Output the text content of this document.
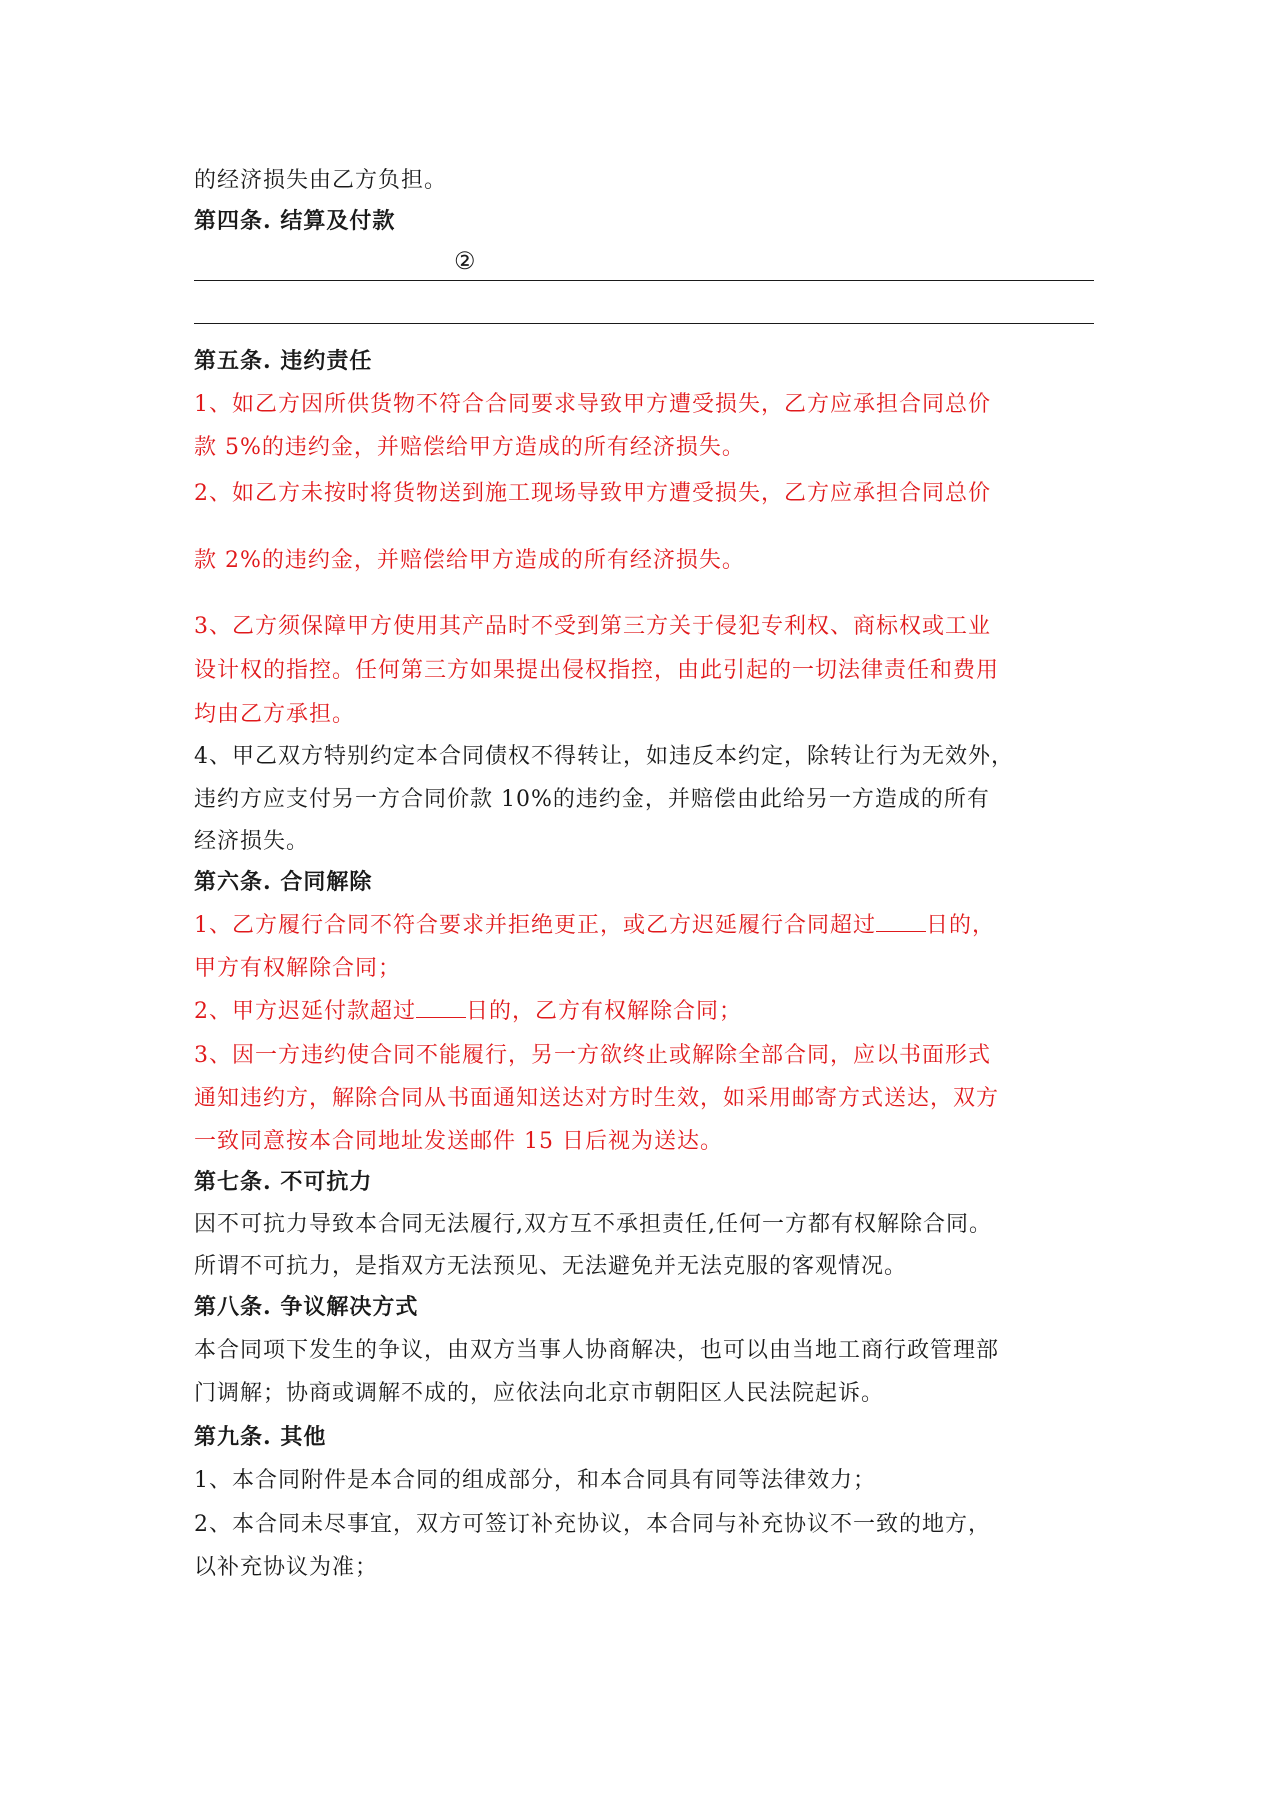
的经济损失由乙方负担。
第四条. 结算及付款
②
第五条. 违约责任
1、如乙方因所供货物不符合合同要求导致甲方遭受损失，乙方应承担合同总价
款 5%的违约金，并赔偿给甲方造成的所有经济损失。
2、如乙方未按时将货物送到施工现场导致甲方遭受损失，乙方应承担合同总价
款 2%的违约金，并赔偿给甲方造成的所有经济损失。
3、乙方须保障甲方使用其产品时不受到第三方关于侵犯专利权、商标权或工业
设计权的指控。任何第三方如果提出侵权指控，由此引起的一切法律责任和费用
均由乙方承担。
4、甲乙双方特别约定本合同债权不得转让，如违反本约定，除转让行为无效外，
违约方应支付另一方合同价款 10%的违约金，并赔偿由此给另一方造成的所有
经济损失。
第六条. 合同解除
1、乙方履行合同不符合要求并拒绝更正，或乙方迟延履行合同超过 日的，
甲方有权解除合同；
2、甲方迟延付款超过 日的，乙方有权解除合同；
3、因一方违约使合同不能履行，另一方欲终止或解除全部合同，应以书面形式
通知违约方，解除合同从书面通知送达对方时生效，如采用邮寄方式送达，双方
一致同意按本合同地址发送邮件 15 日后视为送达。
第七条. 不可抗力
因不可抗力导致本合同无法履行,双方互不承担责任,任何一方都有权解除合同。
所谓不可抗力，是指双方无法预见、无法避免并无法克服的客观情况。
第八条. 争议解决方式
本合同项下发生的争议，由双方当事人协商解决，也可以由当地工商行政管理部
门调解；协商或调解不成的，应依法向北京市朝阳区人民法院起诉。
第九条. 其他
1、本合同附件是本合同的组成部分，和本合同具有同等法律效力；
2、本合同未尽事宜，双方可签订补充协议，本合同与补充协议不一致的地方，
以补充协议为准；
